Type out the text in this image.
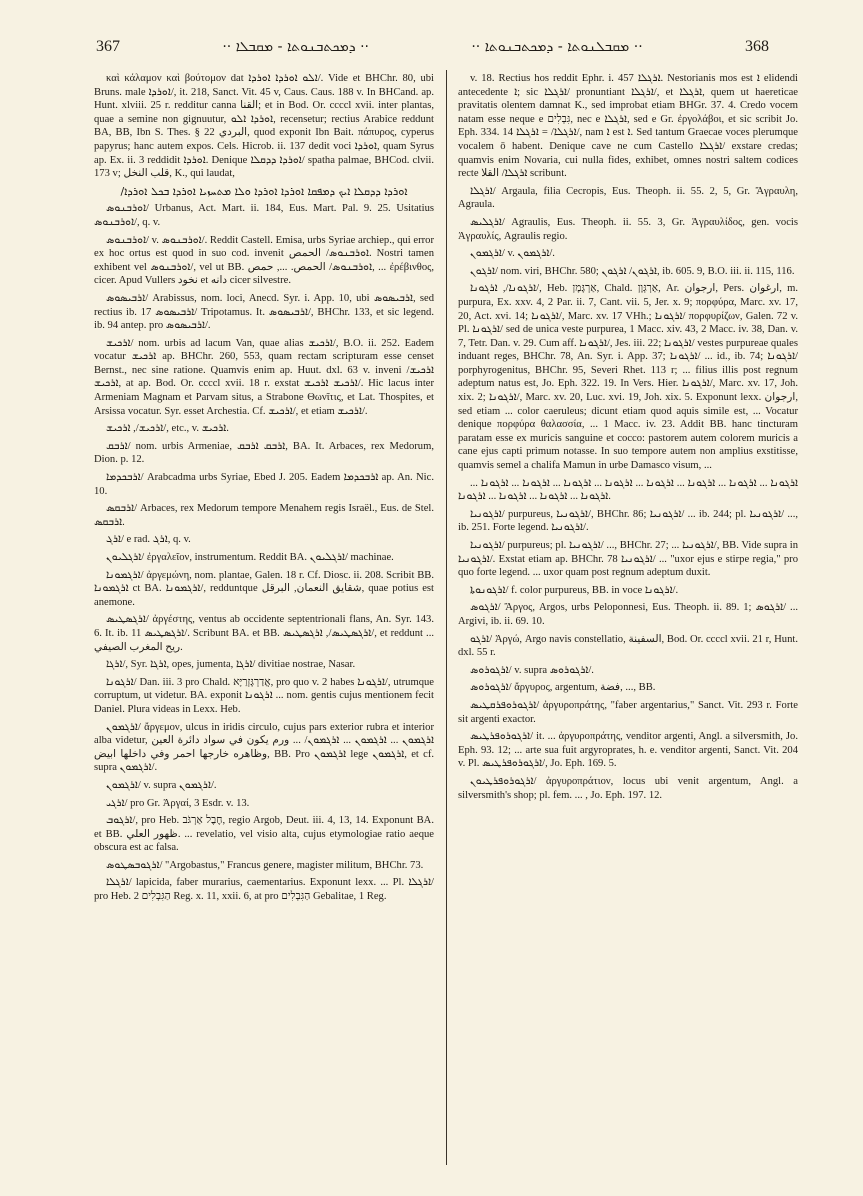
367	·· ܕܡܟܬܒܢܘܬܐ - ܡܩܒܠܐ ··	·· ܡܩܒܠܢܘܬܐ - ܕܡܟܬܒܢܘܬܐ ··	368

καὶ κάλαμον καὶ βούτομον dat ܐܠܘ ܐܘܪܕܐ ܐܘܪܕܐ/. Vide et BHChr. 80, ubi Bruns. male ܐܘܪܕܐ/, it. 218, Sanct. Vit. 45 v, Caus. Caus. 188 v. In BHCand. ap. Hunt. xlviii. 25 r. redditur canna القنا; et in Bod. Or. ccccl xvii. inter plantas, quae a semine non gignuutur, ܐܘܪܕܐ ܐܠܘ, recensetur; rectius Arabice reddunt BA, BB, Ibn S. Thes. § 22 البردي, quod exponit Ibn Bait. πάπυρος, cyperus papyrus; hanc autem expos. Cels. Hicrob. ii. 137 dedit voci ܐܘܪܕܐ, quam Syrus ap. Ex. ii. 3 reddidit ܐܘܪܕܐ. Denique ܐܘܪܕܐ ܕܕܩܠܐ/ spatha palmae, BHCod. clvii. 173 v; قلب النخل, K., qui laudat,

ܐܘܪܕܐ ܕܕܩܠܐ ܐܝܟ ܕܡܦܩܐ ܐܘܪܕܐ ܐܘܪܕܐ ܘܠܐ ܡܬܚܙܝܐ ܐܘܪܕܐ ܒܟܠ ܐܘܪܕܐ/

ܐܘܪܒܢܘܣ/ Urbanus, Act. Mart. ii. 184, Eus. Mart. Pal. 9. 25. Usitatius ܐܘܪܒܢܘܣ/, q. v.

ܐܘܪܒܢܘܣ/ v. ܐܘܪܒܢܘܣ/. Reddit Castell. Emisa, urbs Syriae archiep., qui error ex hoc ortus est quod in suo cod. invenit ܐܘܪܒܢܘܣ/ الحمص. Nostri tamen exhibent vel ܐܘܪܒܢܘܣ/, vel ut BB. ܐܘܪܒܢܘܣ/ الحمص. ..., حمص, ... ἐρέβινθος, cicer. Apud Vullers نخود et دانه cicer silvestre.

ܐܪܒܝܣܘܣ/ Arabissus, nom. loci, Anecd. Syr. i. App. 10, ubi ܐܪܒܝܣܘܣ, sed rectius ib. 17 ܐܪܒܝܣܘܣ/ Tripotamus. It. ܐܪܒܝܣܘܣ/, BHChr. 133, et sic legend. ib. 94 antep. pro ܐܪܒܝܣܘܣ/.

ܐܪܟܝܫ/ nom. urbis ad lacum Van, quae alias ܐܪܟܝܫ/, B.O. ii. 252. Eadem vocatur ܐܪܟܝܫ ap. BHChr. 260, 553, quam rectam scripturam esse censet Bernst., nec sine ratione. Quamvis enim ap. Huut. dxl. 63 v. inveni ܐܪܟܝܫ/ ܐܪܟܝܫ, at ap. Bod. Or. ccccl xvii. 18 r. exstat ܐܪܟܝܫ ܐܪܟܝܫ/. Hic lacus inter Armeniam Magnam et Parvam situs, a Strabone Θωνῖτις, et Lat. Thospites, et Arsissa vocatur. Syr. esset Archestia. Cf. ܐܪܟܝܫ/, et etiam ܐܪܟܝܫ/.

ܐܪܟܝܫ/, ܐܪܟܝܫ/, etc., v. ܐܪܟܝܫ.

ܐܪܒܩ/ nom. urbis Armeniae, ܐܪܒܩ ܐܪܒܩ, BA. It. Arbaces, rex Medorum, Dion. p. 12.

ܐܪܒܟܕܡܐ/ Arabcadma urbs Syriae, Ebed J. 205. Eadem ܐܪܒܟܕܡܐ ap. An. Nic. 10.

ܐܪܒܩܣ/ Arbaces, rex Medorum tempore Menahem regis Israël., Eus. de Stel. ܐܪܒܩܣ.

ܐܪܓ/ e rad. ܐܪܓ, q. v.

ܐܪܓܠܝܘܢ/ ἐργαλεῖον, instrumentum. Reddit BA. ܐܪܓܠܝܘܢ/ machinae.

ܐܪܓܡܘܢܐ/ ἀργεμώνη, nom. plantae, Galen. 18 r. Cf. Diosc. ii. 208. Scribit BB. ܐܪܓܡܘܢܐ ct BA. ܐܪܓܡܘܢܐ/, redduntque شقايق النعمان, البرقل, quae potius est anemone.

ܐܪܓܣܛܝܣ/ ἀργέστης, ventus ab occidente septentrionali flans, An. Syr. 143. 6. It. ib. 11 ܐܪܓܣܛܝܣ/. Scribunt BA. et BB. ܐܪܓܣܛܝܣ/, ܐܪܓܣܛܝܣ/, et reddunt ... ريح المغرب الصيفي.

ܐܪܓܐ/, Syr. ܐܪܓܐ, opes, jumenta, ܐܪܓܐ/ divitiae nostrae, Nasar.

ܐܪܓܘܢܐ/ Dan. iii. 3 pro Chald. אֲדַרְגָּזְרַיָּא, pro quo v. 2 habes ܐܪܓܘܢܐ/, utrumque corruptum, ut videtur. BA. exponit ܐܪܓܘܢܐ ... nom. gentis cujus mentionem fecit Daniel. Plura videas in Lexx. Heb.

ܐܪܓܡܘܢ/ ἄργεμον, ulcus in iridis circulo, cujus pars exterior rubra et interior alba videtur, ܐܪܓܡܘܢ ... ܐܪܓܡܘܢ ... ܐܪܓܡܘܢ/ ... ورم يكون في سواد دائرة العين وظاهره خارجها احمر وفي داخلها ابيض, BB. Pro ܐܪܓܡܘܢ lege ܐܪܓܡܘܢ, et cf. supra ܐܪܓܡܘܢ/.

ܐܪܓܡܘܢ/ v. supra ܐܪܓܡܘܢ/.

ܐܪܓܝ/ pro Gr. Ἀργαί, 3 Esdr. v. 13.

ܐܪܓܘܒ/, pro Heb. חֶבֶל אַרְגֹּב, regio Argob, Deut. iii. 4, 13, 14. Exponunt BA. et BB. ظهور العلي. ... revelatio, vel visio alta, cujus etymologiae ratio aeque obscura est ac falsa.

ܐܪܓܘܒܣܛܘܣ/ "Argobastus," Francus genere, magister militum, BHChr. 73.

ܐܪܓܠܐ/ lapicida, faber murarius, caementarius. Exponunt lexx. ... Pl. ܐܪܓܠܐ/ pro Heb. הַגִּבְלִים 2 Reg. x. 11, xxii. 6, at pro הַגִּבְלִים Gebalitae, 1 Reg.

v. 18. Rectius hos reddit Ephr. i. 457 ܐܪܓܠܐ. Nestorianis mos est ܐ elidendi antecedente ܐ; sic ܐܪܓܠܐ/ pronuntiant ܐܪܓܠܐ/, et ܐܪܓܠܐ, quem ut haereticae pravitatis olentem damnat K., sed improbat etiam BHGr. 37. 4. Credo vocem natam esse neque e גִּבְלִים, nec e ܐܪܓܠܐ, sed e Gr. ἐργολάβοι, et sic scribit Jo. Eph. 334. 14 ܐܪܓܠܐ/ = ܐܪܓܠܐ/, nam ܐ est ܐ. Sed tantum Graecae voces plerumque vocalem ō habent. Denique cave ne cum Castello ܐܪܓܠܐ/ exstare credas; quamvis enim Novaria, cui nulla fides, exhibet, omnes nostri saltem codices recte ܐܪܓܠܐ/ القلا scribunt.

ܐܪܓܠܐ/ Argaula, filia Cecropis, Eus. Theoph. ii. 55. 2, 5, Gr. Ἄγραυλη, Agraula.

ܐܪܓܠܝܣ/ Agraulis, Eus. Theoph. ii. 55. 3, Gr. Ἀγραυλίδος, gen. vocis Ἀγραυλίς, Agraulis regio.

ܐܪܓܡܘܢ/ v. ܐܪܓܡܘܢ/.

ܐܪܓܘܢ/ nom. viri, BHChr. 580; ܐܪܓܘܢ/ ܐܪܓܘܢ, ib. 605. 9, B.O. iii. ii. 115, 116.

ܐܪܓܘܢܐ/, ܐܪܓܘܢܐ/, Heb. אַרְגָּמָן, Chald. אַרְגְּוָן, Ar. ارجوان, Pers. ارغوان, m. purpura, Ex. xxv. 4, 2 Par. ii. 7, Cant. vii. 5, Jer. x. 9; πορφύρα, Marc. xv. 17, 20, Act. xvi. 14; ܐܪܓܘܢܐ/, Marc. xv. 17 VHh.; ܐܪܓܘܢܐ/ πορφυρίζων, Galen. 72 v. Pl. ܐܪܓܘܢܐ/ sed de unica veste purpurea, 1 Macc. xiv. 43, 2 Macc. iv. 38, Dan. v. 7, Tetr. Dan. v. 29. Cum aff. ܐܪܓܘܢܐ/, Jes. iii. 22; ܐܪܓܘܢܐ/ vestes purpureae quales induant reges, BHChr. 78, An. Syr. i. App. 37; ܐܪܓܘܢܐ/ ... id., ib. 74; ܐܪܓܘܢܐ/ porphyrogenitus, BHChr. 95, Severi Rhet. 113 r; ... filius illis post regnum adeptum natus est, Jo. Eph. 322. 19. In Vers. Hier. ܐܪܓܘܢܐ/, Marc. xv. 17, Joh. xix. 2; ܐܪܓܘܢܐ/, Marc. xv. 20, Luc. xvi. 19, Joh. xix. 5. Exponunt lexx. ارجوان, sed etiam ... color caeruleus; dicunt etiam quod aquis simile est, ... Vocatur denique πορφύρα θαλασσία, ... 1 Macc. iv. 23. Addit BB. hanc tincturam paratam esse ex muricis sanguine et cocco: pastorem autem colorem muricis a cane ejus capti primum notasse. In suo tempore autem non amplius exstitisse, quamvis semel a chalifa Mamun in urbe Damasco visum, ...

ܐܪܓܘܢܐ ... ܐܪܓܘܢܐ ... ܐܪܓܘܢܐ ... ܐܪܓܘܢܐ ... ܐܪܓܘܢܐ ... ܐܪܓܘܢܐ ... ܐܪܓܘܢܐ ... ܐܪܓܘܢܐ ... ܐܪܓܘܢܐ ... ܐܪܓܘܢܐ ... ܐܪܓܘܢܐ ... ܐܪܓܘܢܐ.

ܐܪܓܘܢܝܐ/ purpureus, ܐܪܓܘܢܝܐ/, BHChr. 86; ܐܪܓܘܢܝܐ/ ... ib. 244; pl. ܐܪܓܘܢܝܐ/ ..., ib. 251. Forte legend. ܐܪܓܘܢܝܐ/.

ܐܪܓܘܢܝܐ/ purpureus; pl. ܐܪܓܘܢܝܐ/ ..., BHChr. 27; ... ܐܪܓܘܢܝܐ/, BB. Vide supra in ܐܪܓܘܢܝܐ/. Exstat etiam ap. BHChr. 78 ܐܪܓܘܢܝܐ/ ... "uxor ejus e stirpe regia," pro quo forte legend. ... uxor quam post regnum adeptum duxit.

ܐܪܓܘܢܘܬܐ/ f. color purpureus, BB. in voce ܐܪܓܘܢܐ/.

ܐܪܓܘܣ/ Ἄργος, Argos, urbs Peloponnesi, Eus. Theoph. ii. 89. 1; ܐܪܓܘܣ/ ... Argivi, ib. ii. 69. 10.

ܐܪܓܘ/ Ἀργώ, Argo navis constellatio, السفينة, Bod. Or. ccccl xvii. 21 r, Hunt. dxl. 55 r.

ܐܪܓܘܪܘܣ/ v. supra ܐܪܓܘܪܘܣ/.

ܐܪܓܘܪܘܣ/ ἄργυρος, argentum, فضة, ..., BB.

ܐܪܓܘܪܘܦܪܩܛܝܣ/ ἀργυροπράτης, "faber argentarius," Sanct. Vit. 293 r. Forte sit argenti exactor.

ܐܪܓܘܪܘܦܪܛܝܣ/ it. ... ἀργυροπράτης, venditor argenti, Angl. a silversmith, Jo. Eph. 93. 12; ... arte sua fuit argyroprates, h. e. venditor argenti, Sanct. Vit. 204 v. Pl. ܐܪܓܘܪܘܦܪܛܝܣ/, Jo. Eph. 169. 5.

ܐܪܓܘܪܘܦܪܛܝܘܢ/ ἀργυροπράτιον, locus ubi venit argentum, Angl. a silversmith's shop; pl. fem. ... , Jo. Eph. 197. 12.
